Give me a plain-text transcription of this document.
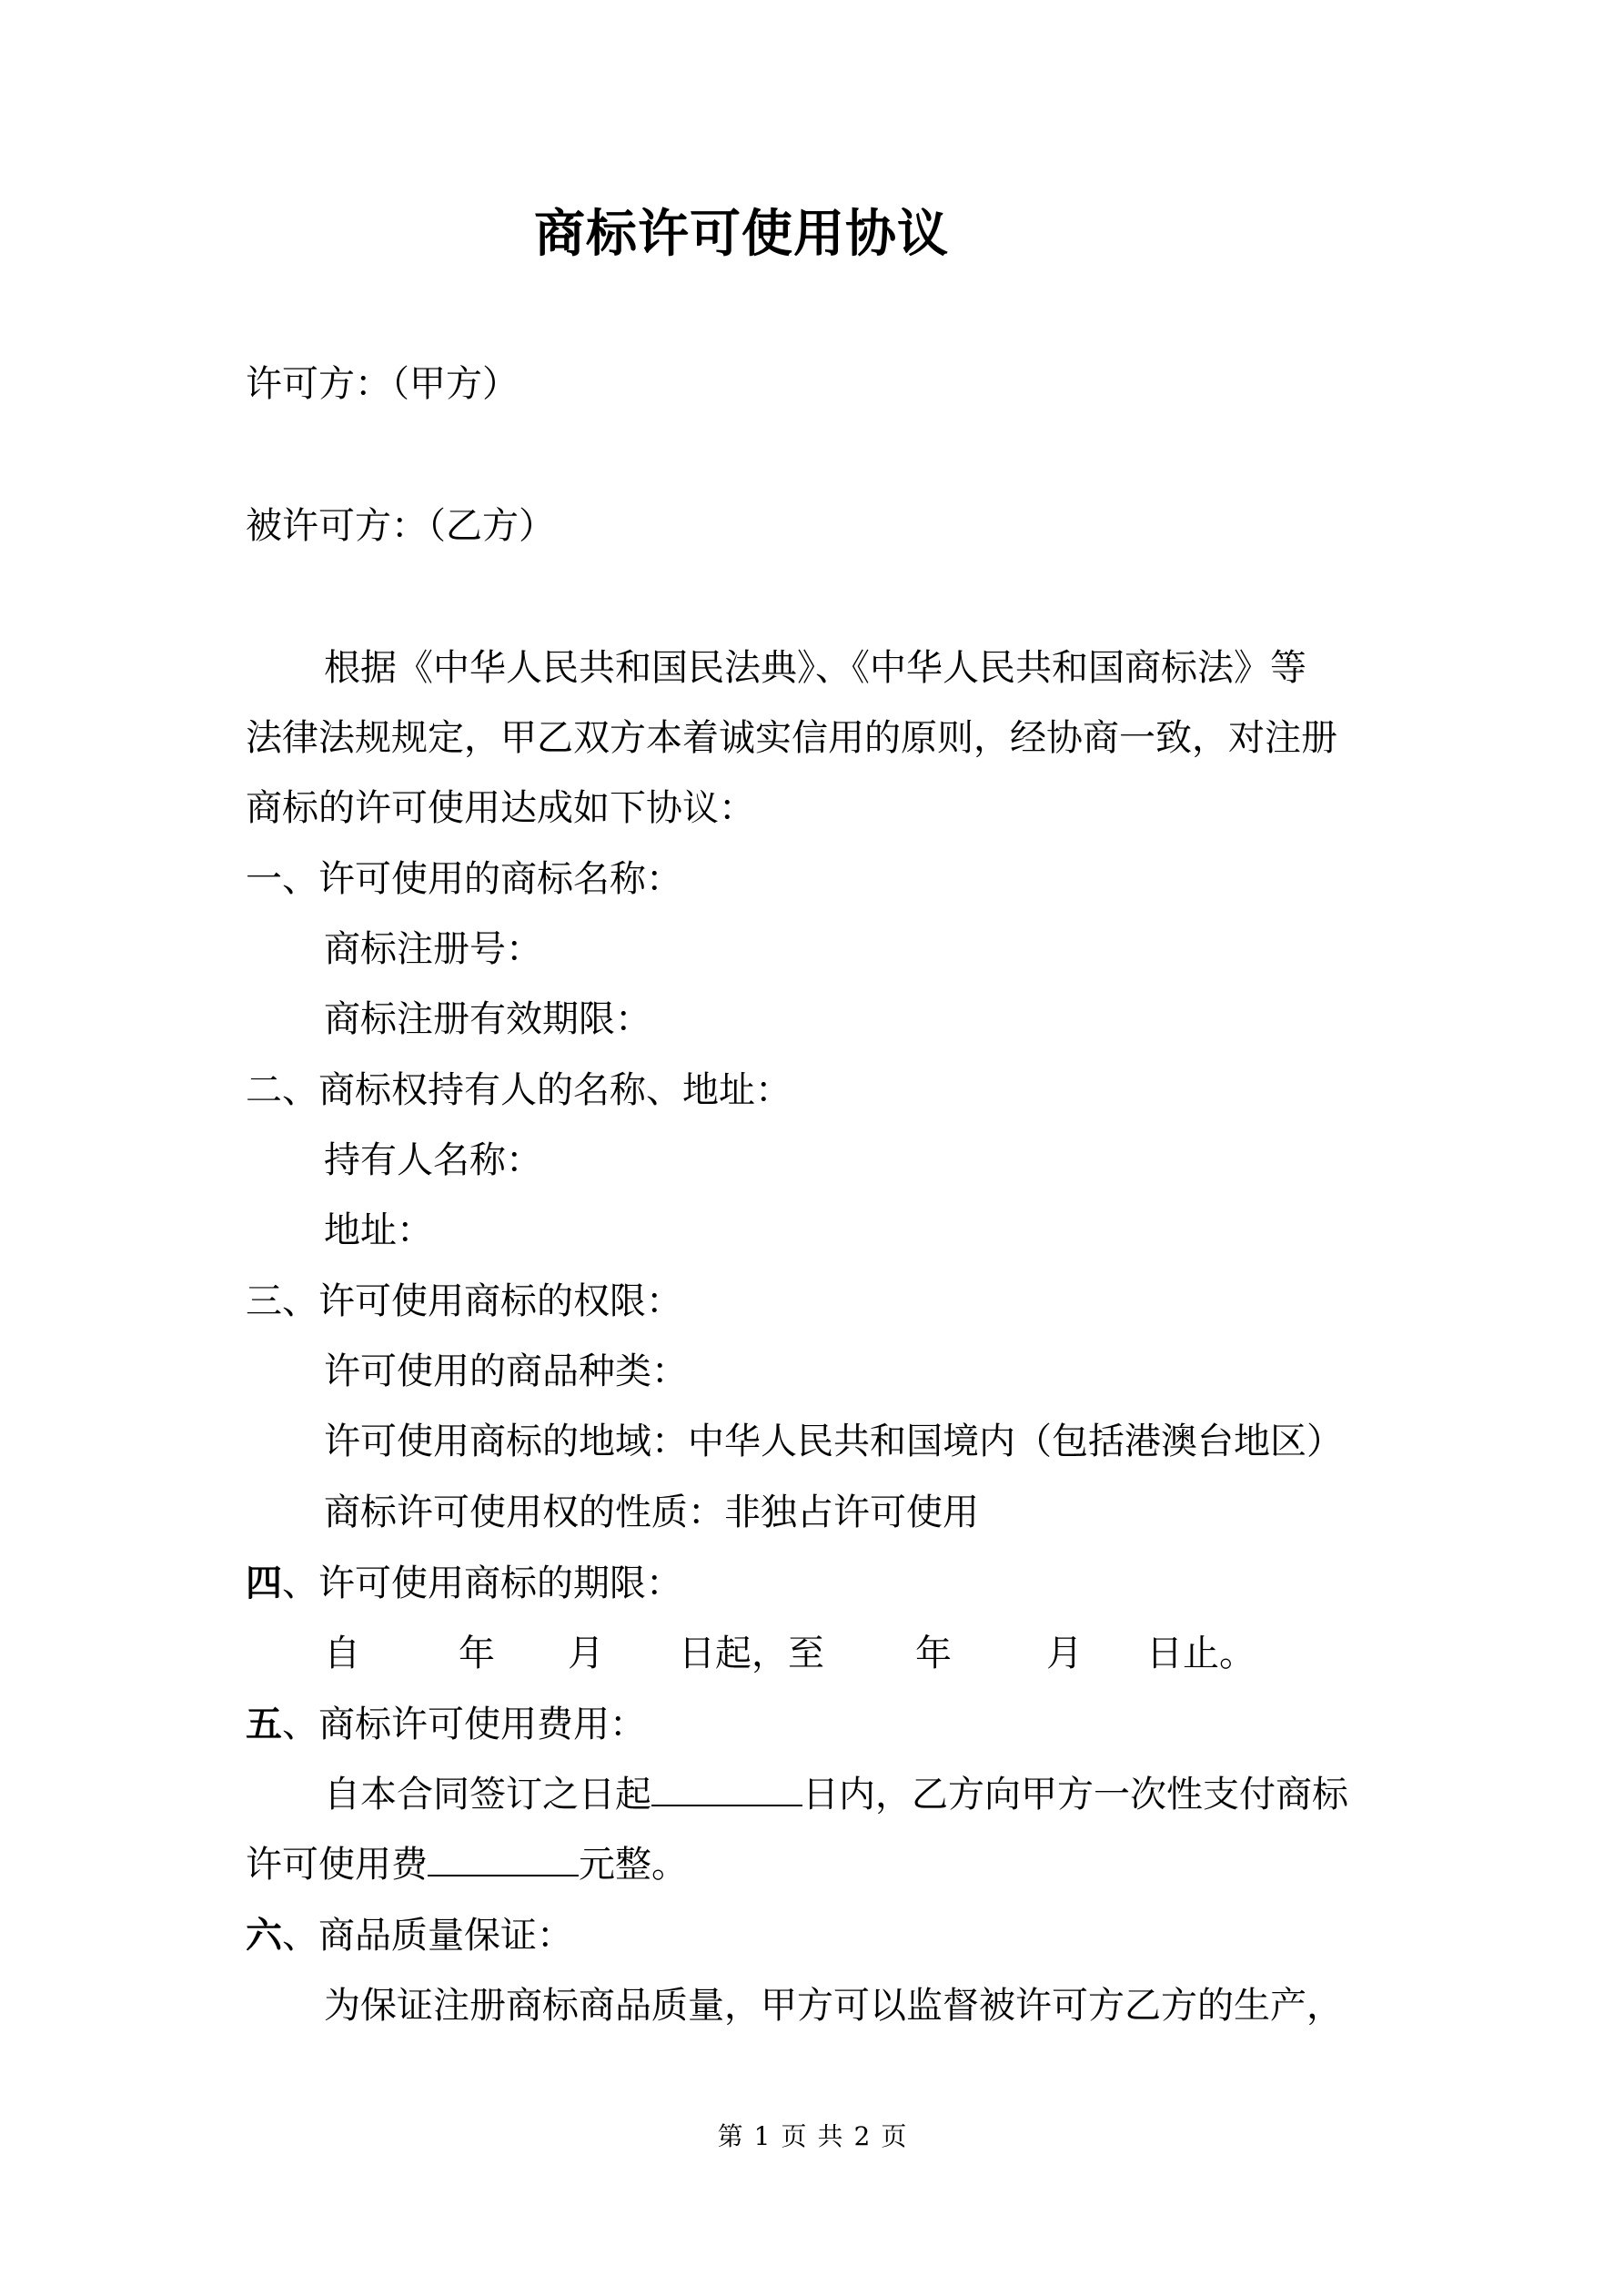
商标许可使用协议
许可方：（甲方）
被许可方：（乙方）
根据《中华人民共和国民法典》、《中华人民共和国商标法》等
法律法规规定，甲乙双方本着诚实信用的原则，经协商一致，对注册
商标的许可使用达成如下协议：
一、许可使用的商标名称：
商标注册号：
商标注册有效期限：
二、商标权持有人的名称、地址：
持有人名称：
地址：
三、许可使用商标的权限：
许可使用的商品种类：
许可使用商标的地域：中华人民共和国境内（包括港澳台地区）
商标许可使用权的性质：非独占许可使用
四、许可使用商标的期限：
自	年 月 日起，至	年	月 日止。
五、商标许可使用费用：
自本合同签订之日起	日内，乙方向甲方一次性支付商标
许可使用费	元整。
六、商品质量保证：
为保证注册商标商品质量，甲方可以监督被许可方乙方的生产，
第 1 页 共 2 页
